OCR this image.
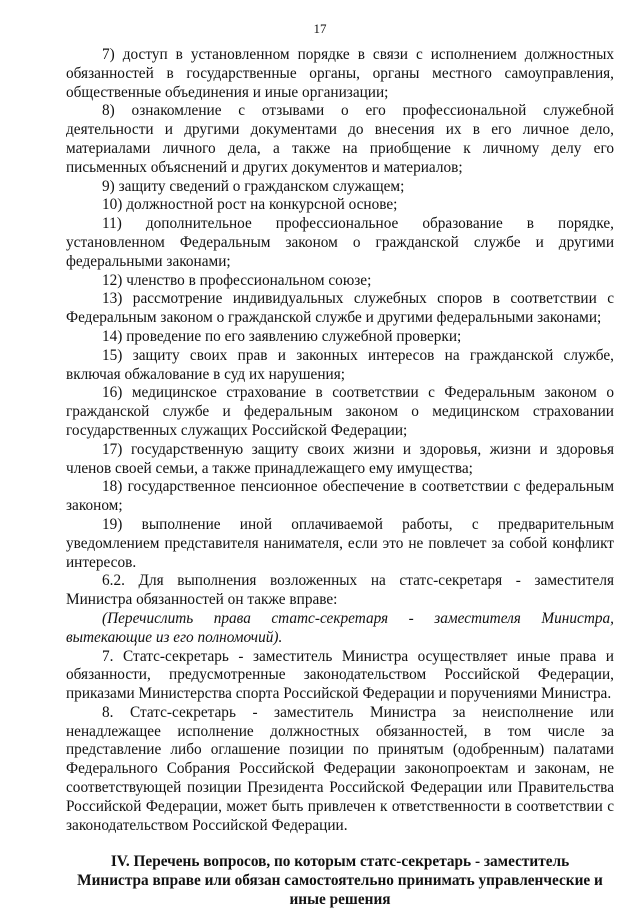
17

7) доступ в установленном порядке в связи с исполнением должностных обязанностей в государственные органы, органы местного самоуправления, общественные объединения и иные организации;

8) ознакомление с отзывами о его профессиональной служебной деятельности и другими документами до внесения их в его личное дело, материалами личного дела, а также на приобщение к личному делу его письменных объяснений и других документов и материалов;

9) защиту сведений о гражданском служащем;

10) должностной рост на конкурсной основе;

11) дополнительное профессиональное образование в порядке, установленном Федеральным законом о гражданской службе и другими федеральными законами;

12) членство в профессиональном союзе;

13) рассмотрение индивидуальных служебных споров в соответствии с Федеральным законом о гражданской службе и другими федеральными законами;

14) проведение по его заявлению служебной проверки;

15) защиту своих прав и законных интересов на гражданской службе, включая обжалование в суд их нарушения;

16) медицинское страхование в соответствии с Федеральным законом о гражданской службе и федеральным законом о медицинском страховании государственных служащих Российской Федерации;

17) государственную защиту своих жизни и здоровья, жизни и здоровья членов своей семьи, а также принадлежащего ему имущества;

18) государственное пенсионное обеспечение в соответствии с федеральным законом;

19) выполнение иной оплачиваемой работы, с предварительным уведомлением представителя нанимателя, если это не повлечет за собой конфликт интересов.

6.2. Для выполнения возложенных на статс-секретаря - заместителя Министра обязанностей он также вправе:

(Перечислить права статс-секретаря - заместителя Министра, вытекающие из его полномочий).

7. Статс-секретарь - заместитель Министра осуществляет иные права и обязанности, предусмотренные законодательством Российской Федерации, приказами Министерства спорта Российской Федерации и поручениями Министра.

8. Статс-секретарь - заместитель Министра за неисполнение или ненадлежащее исполнение должностных обязанностей, в том числе за представление либо оглашение позиции по принятым (одобренным) палатами Федерального Собрания Российской Федерации законопроектам и законам, не соответствующей позиции Президента Российской Федерации или Правительства Российской Федерации, может быть привлечен к ответственности в соответствии с законодательством Российской Федерации.

IV. Перечень вопросов, по которым статс-секретарь - заместитель Министра вправе или обязан самостоятельно принимать управленческие и иные решения
